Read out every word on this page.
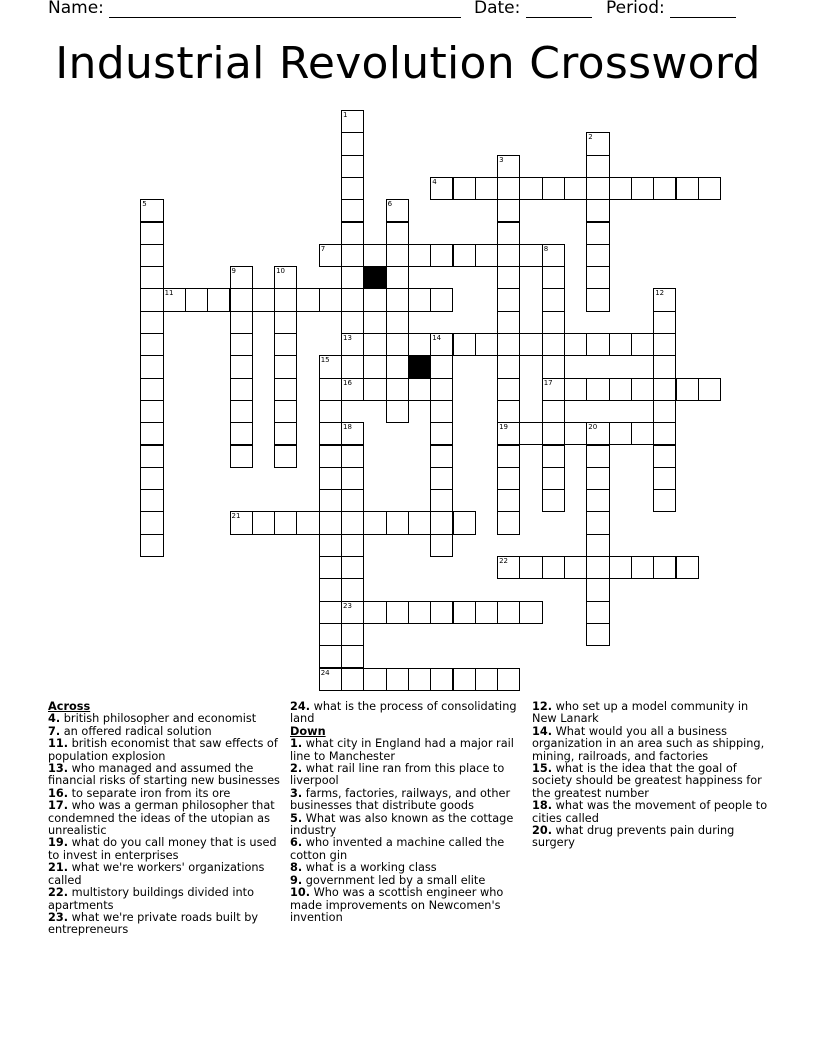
Name:	Date:	Period:
Industrial Revolution Crossword
1
2
3
4
5	6
7	8
9	10
11	12
13	14
15
16	17
18	19	20
21
22
23
24
Across
4. british philosopher and economist
7. an offered radical solution
11. british economist that saw effects of population explosion
13. who managed and assumed the financial risks of starting new businesses
16. to separate iron from its ore
17. who was a german philosopher that condemned the ideas of the utopian as unrealistic
19. what do you call money that is used to invest in enterprises
21. what we're workers' organizations called
22. multistory buildings divided into apartments
23. what we're private roads built by entrepreneurs
24. what is the process of consolidating land
Down
1. what city in England had a major rail line to Manchester
2. what rail line ran from this place to liverpool
3. farms, factories, railways, and other businesses that distribute goods
5. What was also known as the cottage industry
6. who invented a machine called the cotton gin
8. what is a working class
9. government led by a small elite
10. Who was a scottish engineer who made improvements on Newcomen's invention
12. who set up a model community in New Lanark
14. What would you all a business organization in an area such as shipping, mining, railroads, and factories
15. what is the idea that the goal of society should be greatest happiness for the greatest number
18. what was the movement of people to cities called
20. what drug prevents pain during surgery
